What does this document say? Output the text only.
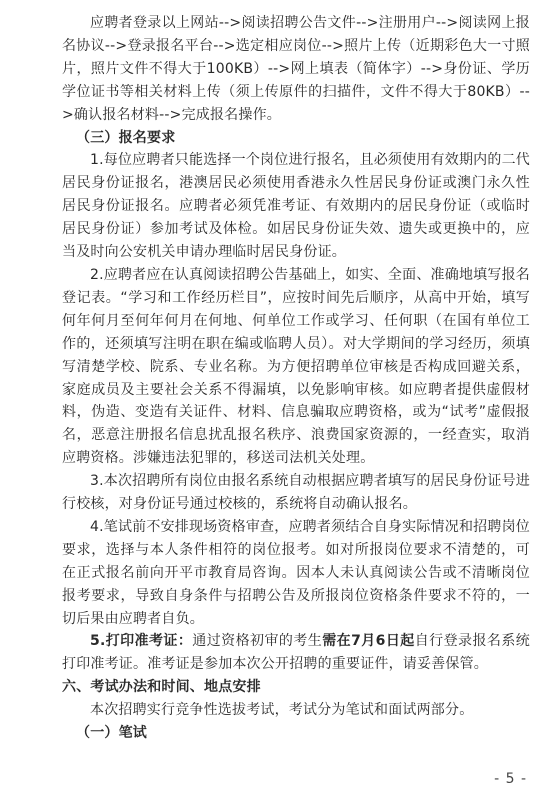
应聘者登录以上网站-->阅读招聘公告文件-->注册用户-->阅读网上报名协议-->登录报名平台-->选定相应岗位-->照片上传（近期彩色大一寸照片，照片文件不得大于100KB）-->网上填表（简体字）-->身份证、学历学位证书等相关材料上传（须上传原件的扫描件，文件不得大于80KB）-->确认报名材料-->完成报名操作。

（三）报名要求

1.每位应聘者只能选择一个岗位进行报名，且必须使用有效期内的二代居民身份证报名，港澳居民必须使用香港永久性居民身份证或澳门永久性居民身份证报名。应聘者必须凭准考证、有效期内的居民身份证（或临时居民身份证）参加考试及体检。如居民身份证失效、遗失或更换中的，应当及时向公安机关申请办理临时居民身份证。

2.应聘者应在认真阅读招聘公告基础上，如实、全面、准确地填写报名登记表。“学习和工作经历栏目”，应按时间先后顺序，从高中开始，填写何年何月至何年何月在何地、何单位工作或学习、任何职（在国有单位工作的，还须填写注明在职在编或临聘人员）。对大学期间的学习经历，须填写清楚学校、院系、专业名称。为方便招聘单位审核是否构成回避关系，家庭成员及主要社会关系不得漏填，以免影响审核。如应聘者提供虚假材料，伪造、变造有关证件、材料、信息骗取应聘资格，或为“试考”虚假报名，恶意注册报名信息扰乱报名秩序、浪费国家资源的，一经查实，取消应聘资格。涉嫌违法犯罪的，移送司法机关处理。

3.本次招聘所有岗位由报名系统自动根据应聘者填写的居民身份证号进行校核，对身份证号通过校核的，系统将自动确认报名。

4.笔试前不安排现场资格审查，应聘者须结合自身实际情况和招聘岗位要求，选择与本人条件相符的岗位报考。如对所报岗位要求不清楚的，可在正式报名前向开平市教育局咨询。因本人未认真阅读公告或不清晰岗位报考要求，导致自身条件与招聘公告及所报岗位资格条件要求不符的，一切后果由应聘者自负。

5.打印准考证：通过资格初审的考生需在7月6日起自行登录报名系统打印准考证。准考证是参加本次公开招聘的重要证件，请妥善保管。

六、考试办法和时间、地点安排

本次招聘实行竞争性选拔考试，考试分为笔试和面试两部分。

（一）笔试

- 5 -
